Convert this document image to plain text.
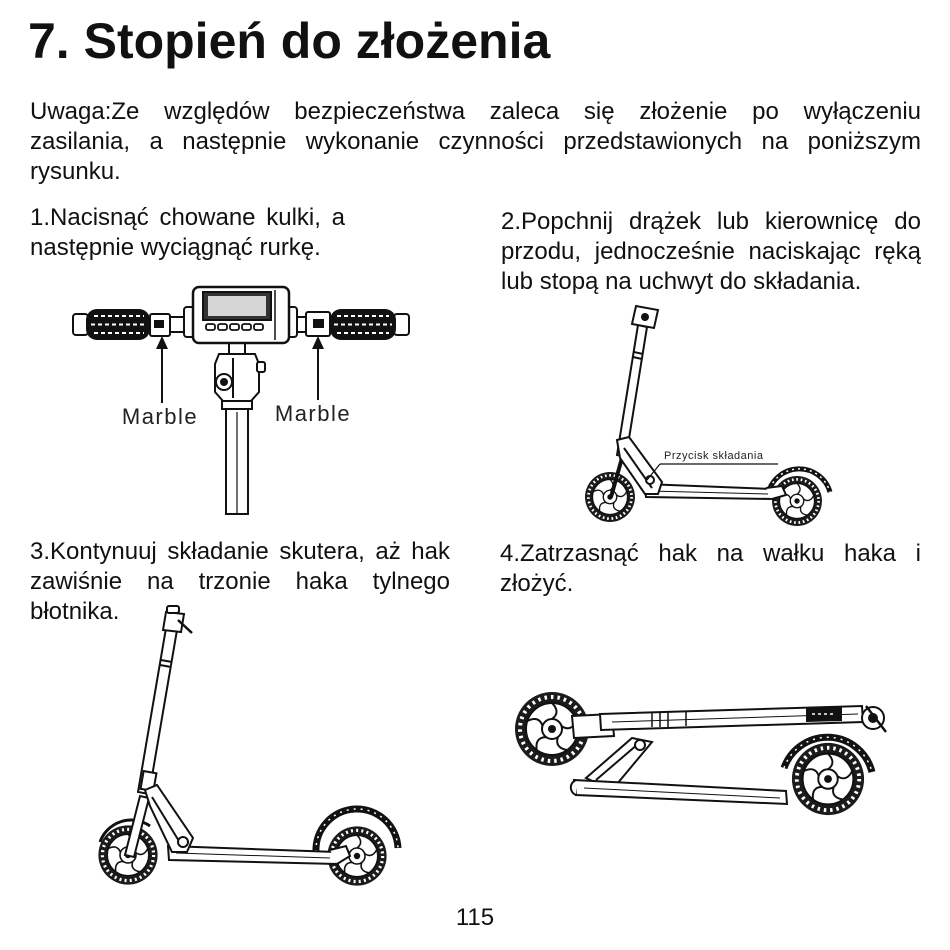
7. Stopień do złożenia
Uwaga:Ze względów bezpieczeństwa zaleca się złożenie po wyłączeniu
zasilania, a następnie wykonanie czynności przedstawionych na poniższym
rysunku.
1.Nacisnąć chowane kulki, a
następnie wyciągnąć rurkę.
2.Popchnij drążek lub kierownicę do
przodu, jednocześnie naciskając ręką
lub stopą na uchwyt do składania.
3.Kontynuuj składanie skutera, aż hak
zawiśnie na trzonie haka tylnego
błotnika.
4.Zatrzasnąć hak na wałku haka i
złożyć.
Marble	Marble
Przycisk składania
115
